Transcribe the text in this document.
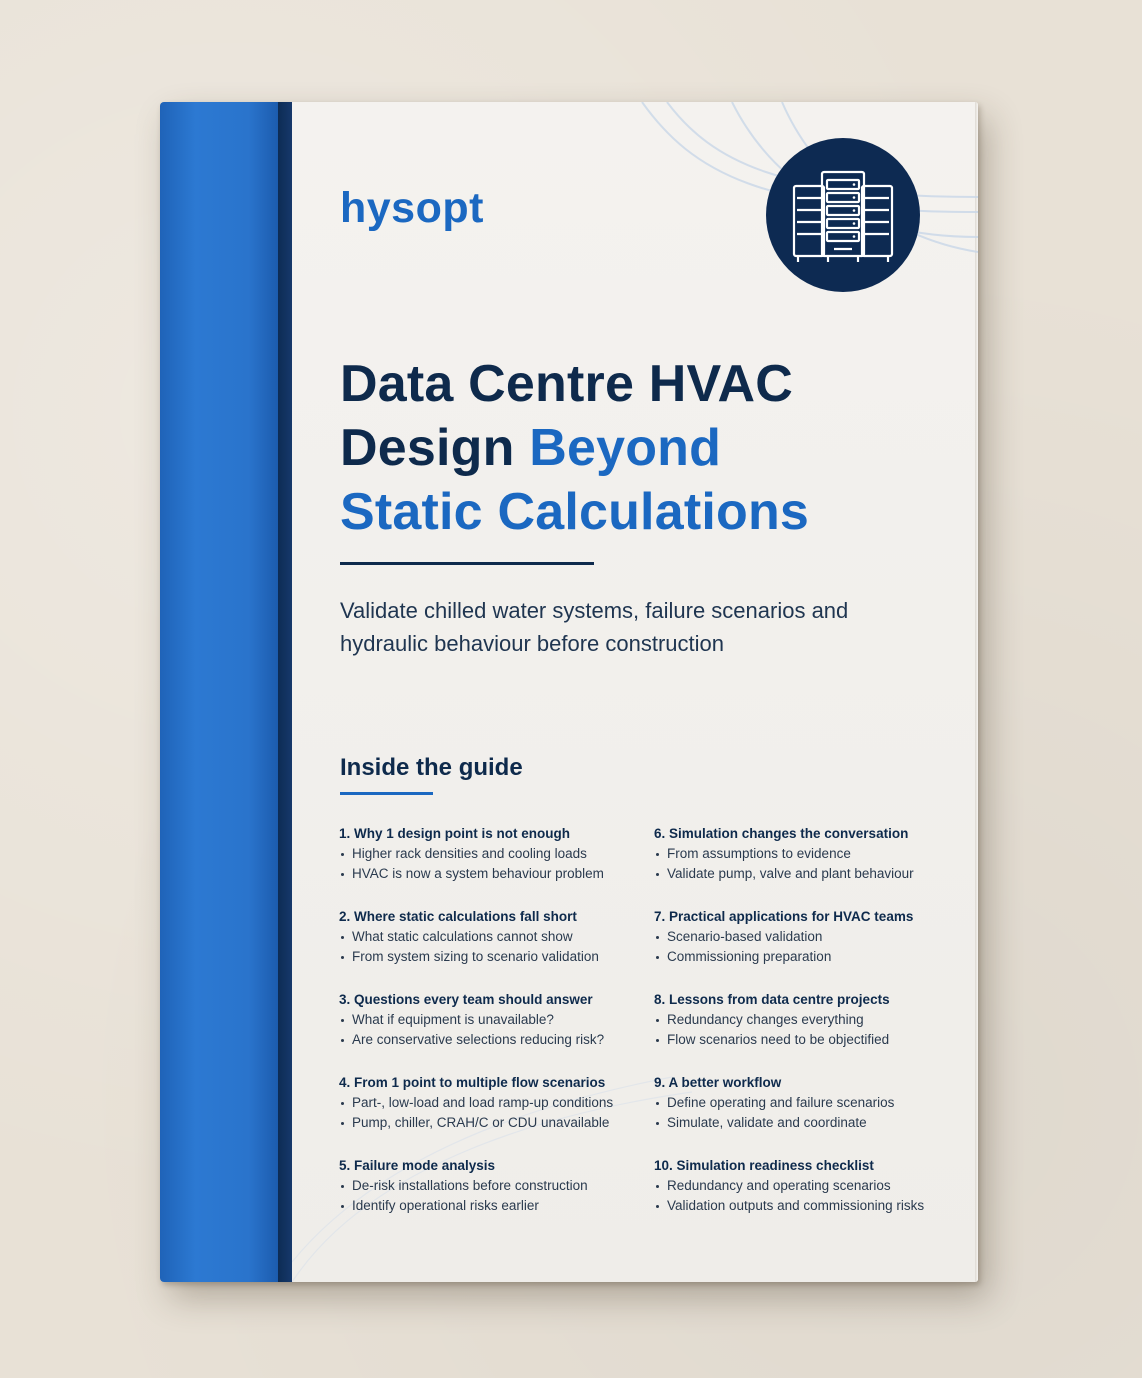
hysopt
Data Centre HVAC
Design Beyond
Static Calculations
Validate chilled water systems, failure scenarios and hydraulic behaviour before construction
Inside the guide
1. Why 1 design point is not enough
Higher rack densities and cooling loads
HVAC is now a system behaviour problem
2. Where static calculations fall short
What static calculations cannot show
From system sizing to scenario validation
3. Questions every team should answer
What if equipment is unavailable?
Are conservative selections reducing risk?
4. From 1 point to multiple flow scenarios
Part-, low-load and load ramp-up conditions
Pump, chiller, CRAH/C or CDU unavailable
5. Failure mode analysis
De-risk installations before construction
Identify operational risks earlier
6. Simulation changes the conversation
From assumptions to evidence
Validate pump, valve and plant behaviour
7. Practical applications for HVAC teams
Scenario-based validation
Commissioning preparation
8. Lessons from data centre projects
Redundancy changes everything
Flow scenarios need to be objectified
9. A better workflow
Define operating and failure scenarios
Simulate, validate and coordinate
10. Simulation readiness checklist
Redundancy and operating scenarios
Validation outputs and commissioning risks
